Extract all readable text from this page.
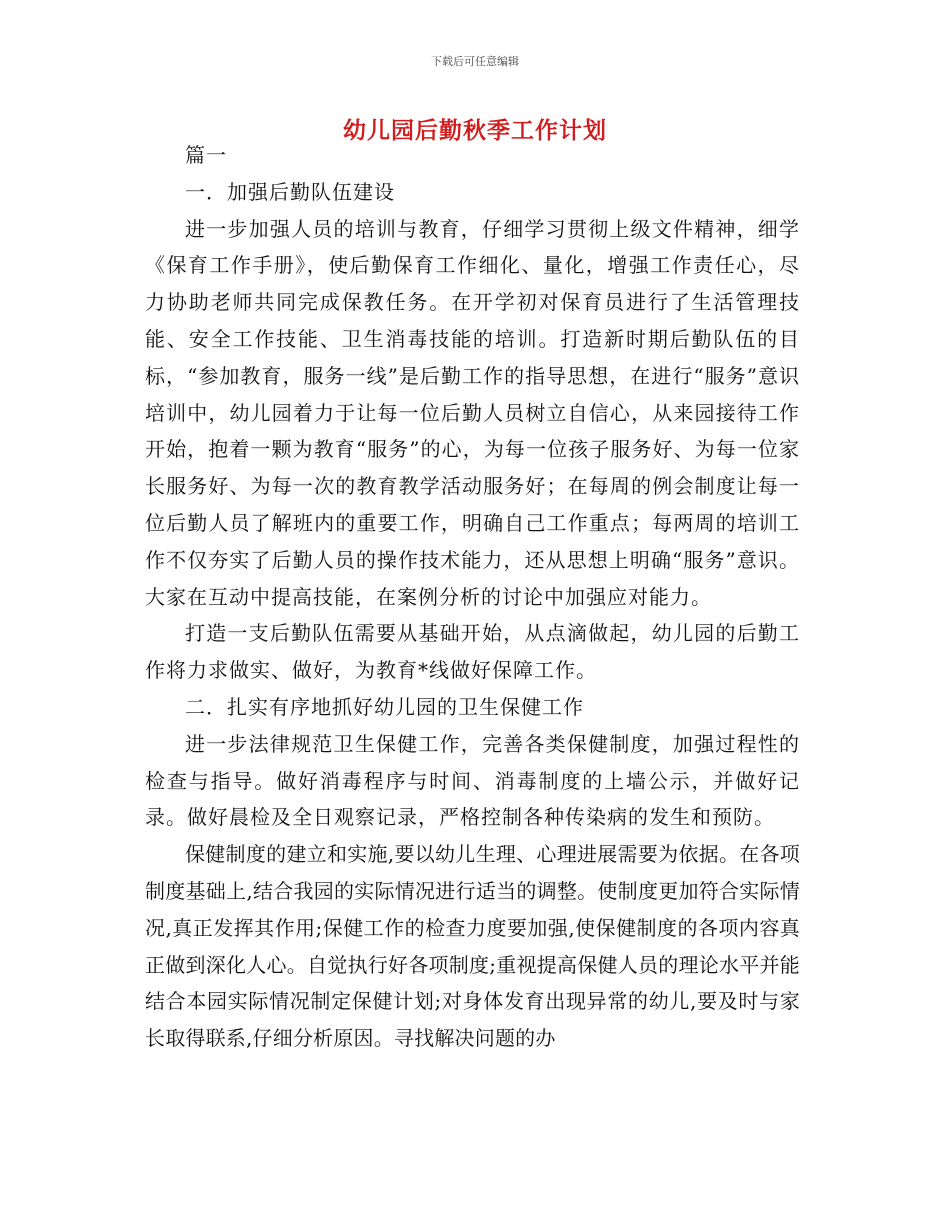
下载后可任意编辑
幼儿园后勤秋季工作计划

篇一

一．加强后勤队伍建设

进一步加强人员的培训与教育，仔细学习贯彻上级文件精神，细学《保育工作手册》，使后勤保育工作细化、量化，增强工作责任心，尽力协助老师共同完成保教任务。在开学初对保育员进行了生活管理技能、安全工作技能、卫生消毒技能的培训。打造新时期后勤队伍的目标，“参加教育，服务一线”是后勤工作的指导思想，在进行“服务”意识培训中，幼儿园着力于让每一位后勤人员树立自信心，从来园接待工作开始，抱着一颗为教育“服务”的心，为每一位孩子服务好、为每一位家长服务好、为每一次的教育教学活动服务好；在每周的例会制度让每一位后勤人员了解班内的重要工作，明确自己工作重点；每两周的培训工作不仅夯实了后勤人员的操作技术能力，还从思想上明确“服务”意识。大家在互动中提高技能，在案例分析的讨论中加强应对能力。

打造一支后勤队伍需要从基础开始，从点滴做起，幼儿园的后勤工作将力求做实、做好，为教育*线做好保障工作。

二．扎实有序地抓好幼儿园的卫生保健工作

进一步法律规范卫生保健工作，完善各类保健制度，加强过程性的检查与指导。做好消毒程序与时间、消毒制度的上墙公示，并做好记录。做好晨检及全日观察记录，严格控制各种传染病的发生和预防。

保健制度的建立和实施,要以幼儿生理、心理进展需要为依据。在各项制度基础上,结合我园的实际情况进行适当的调整。使制度更加符合实际情况,真正发挥其作用;保健工作的检查力度要加强,使保健制度的各项内容真正做到深化人心。自觉执行好各项制度;重视提高保健人员的理论水平并能结合本园实际情况制定保健计划;对身体发育出现异常的幼儿,要及时与家长取得联系,仔细分析原因。寻找解决问题的办
